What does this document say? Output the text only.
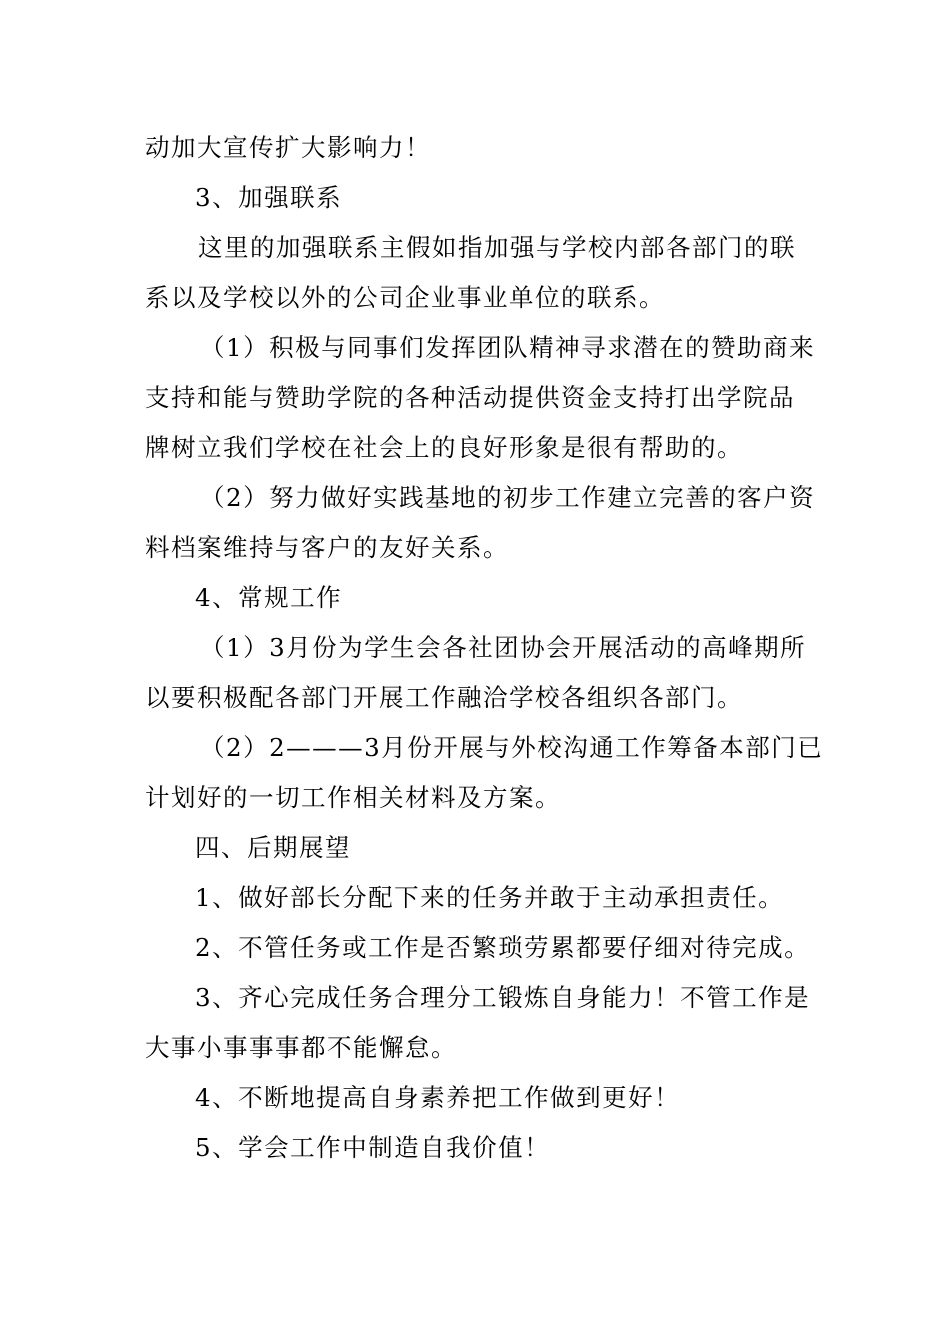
动加大宣传扩大影响力！
3、加强联系
这里的加强联系主假如指加强与学校内部各部门的联
系以及学校以外的公司企业事业单位的联系。
（1）积极与同事们发挥团队精神寻求潜在的赞助商来
支持和能与赞助学院的各种活动提供资金支持打出学院品
牌树立我们学校在社会上的良好形象是很有帮助的。
（2）努力做好实践基地的初步工作建立完善的客户资
料档案维持与客户的友好关系。
4、常规工作
（1）3月份为学生会各社团协会开展活动的高峰期所
以要积极配各部门开展工作融洽学校各组织各部门。
（2）2———3月份开展与外校沟通工作筹备本部门已
计划好的一切工作相关材料及方案。
四、后期展望
1、做好部长分配下来的任务并敢于主动承担责任。
2、不管任务或工作是否繁琐劳累都要仔细对待完成。
3、齐心完成任务合理分工锻炼自身能力！不管工作是
大事小事事事都不能懈怠。
4、不断地提高自身素养把工作做到更好！
5、学会工作中制造自我价值！
